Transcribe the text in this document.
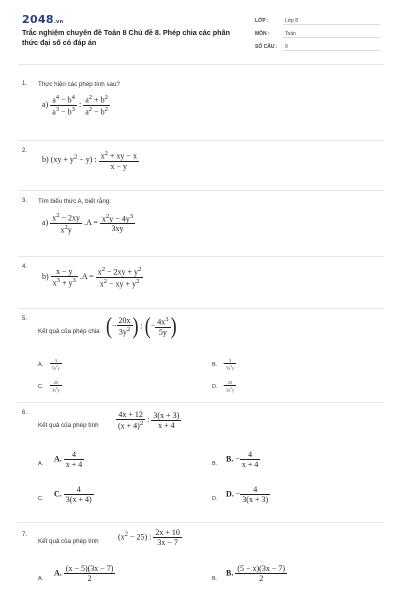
2048.vn
Trắc nghiệm chuyên đề Toán 8 Chủ đề 8. Phép chia các phân thức đại số có đáp án
LỚP :	Lớp 8
MÔN :	Toán
SỐ CÂU : 9
1. Thực hiện các phép tính sau?
$a) \frac{a^4 - b^4}{a^3 - b^3}$ : $\frac{a^2 + b^2}{a^2 - b^2}$
2.
b) $(xy + y^2 - y)$ : $\frac{x^2 + xy - x}{x - y}$
3. Tìm biểu thức A, biết rằng:
$a) \frac{x^2 - 2xy}{x^2y} .A = \frac{x^2y - 4y^3}{3xy}$
4.
$b) \frac{x - y}{x^3 + y^3} .A = \frac{x^2 - 2xy + y^2}{x^2 - xy + y^2}$
5.
Kết quả của phép chia (− $\frac{20x}{3y^2}$ ) : (− $\frac{4x^3}{5y}$ )
A. $\frac{3}{5x^2y}$	B. − $\frac{3}{5x^2y}$
C. $\frac{25}{3x^2y}$	D. − $\frac{25}{3x^2y}$
6.
Kết quả của phép tính $\frac{4x + 12}{(x + 4)^2}$ : $\frac{3(x + 3)}{x + 4}$
A.
A. $\frac{4}{x + 4}$	B.
B. − $\frac{4}{x + 4}$
C.
C. $\frac{4}{3(x + 4)}$	D.
D. − $\frac{4}{3(x + 3)}$
7.
Kết quả của phép tính
$(x^2 - 25)$ : $\frac{2x + 10}{3x - 7}$
A.
A. $\frac{(x - 5)(3x - 7)}{2}$	B.
B. $\frac{(5 - x)(3x - 7)}{2}$
